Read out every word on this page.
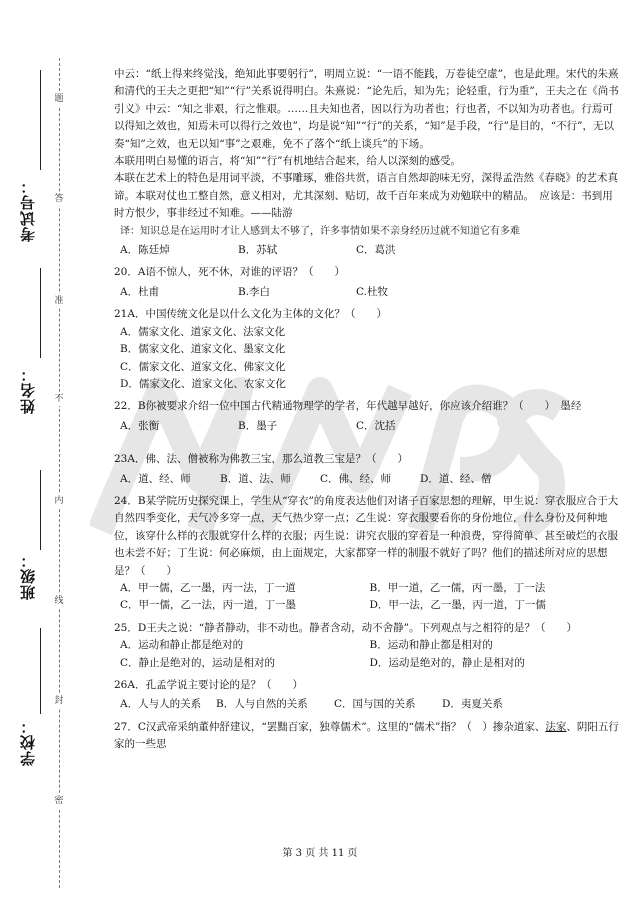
题
答
准
不
内
线
封
密
考试号：
姓名：
班级：
学校：

中云：“纸上得来终觉浅，绝知此事要躬行”，明周立说：“一语不能践，万卷徒空虚”，也是此理。宋代的朱熹和清代的王夫之更把“知”“行”关系说得明白。朱熹说：“论先后，知为先；论轻重，行为重”，王夫之在《尚书引义》中云：“知之非艰，行之惟艰。……且夫知也者，因以行为功者也；行也者，不以知为功者也。行焉可以得知之效也，知焉未可以得行之效也”，均是说“知”“行”的关系，“知”是手段，“行”是目的，“不行”，无以奏“知”之效，也无以知“事”之艰难，免不了落个“纸上谈兵”的下场。

本联用明白易懂的语言，将“知”“行”有机地结合起来，给人以深刻的感受。

本联在艺术上的特色是用词平淡，不事雕琢，雅俗共赏，语言自然却韵味无穷，深得孟浩然《春晓》的艺术真谛。本联对仗也工整自然，意义相对，尤其深刻、贴切，故千百年来成为劝勉联中的精品。　应该是：书到用时方恨少，事非经过不知难。——陆游

译：知识总是在运用时才让人感到太不够了，许多事情如果不亲身经历过就不知道它有多难

A．陈廷焯	B．苏轼	C．葛洪

20．A语不惊人，死不休，对谁的评语？（　　）

A．杜甫	B.李白	C.杜牧

21A．中国传统文化是以什么文化为主体的文化？（　　）

A．儒家文化、道家文化、法家文化

B．儒家文化、道家文化、墨家文化

C．儒家文化、道家文化、佛家文化

D．儒家文化、道家文化、农家文化

22．B你被要求介绍一位中国古代精通物理学的学者，年代越早越好，你应该介绍谁？（　　）　墨经

A．张衡	B．墨子	C．沈括

23A．佛、法、僧被称为佛教三宝，那么道教三宝是？（　　）

A．道、经、师	B．道、法、师	C．佛、经、师	D．道、经、僧

24．B某学院历史探究课上，学生从“穿衣”的角度表达他们对诸子百家思想的理解，甲生说：穿衣服应合于大自然四季变化，天气冷多穿一点，天气热少穿一点；乙生说：穿衣服要看你的身份地位，什么身份及何种地位，该穿什么样的衣服就穿什么样的衣服；丙生说：讲究衣服的穿着是一种浪费，穿得简单、甚至破烂的衣服也未尝不好；丁生说：何必麻烦，由上面规定，大家都穿一样的制服不就好了吗？他们的描述所对应的思想是？（　　）

A．甲一儒，乙一墨，丙一法，丁一道	B．甲一道，乙一儒，丙一墨，丁一法
C．甲一儒，乙一法，丙一道，丁一墨	D．甲一法，乙一墨，丙一道，丁一儒

25．D王夫之说：“静者静动，非不动也。静者含动，动不舍静”。下列观点与之相符的是？（　　）

A．运动和静止都是绝对的	B．运动和静止都是相对的
C．静止是绝对的，运动是相对的	D．运动是绝对的，静止是相对的

26A．孔孟学说主要讨论的是？（　　）

A．人与人的关系	B．人与自然的关系	C．国与国的关系	D．夷夏关系

27．C汉武帝采纳董仲舒建议，“罢黜百家，独尊儒术”。这里的“儒术”指？（　）掺杂道家、法家、阴阳五行家的一些思

第 3 页 共 11 页
